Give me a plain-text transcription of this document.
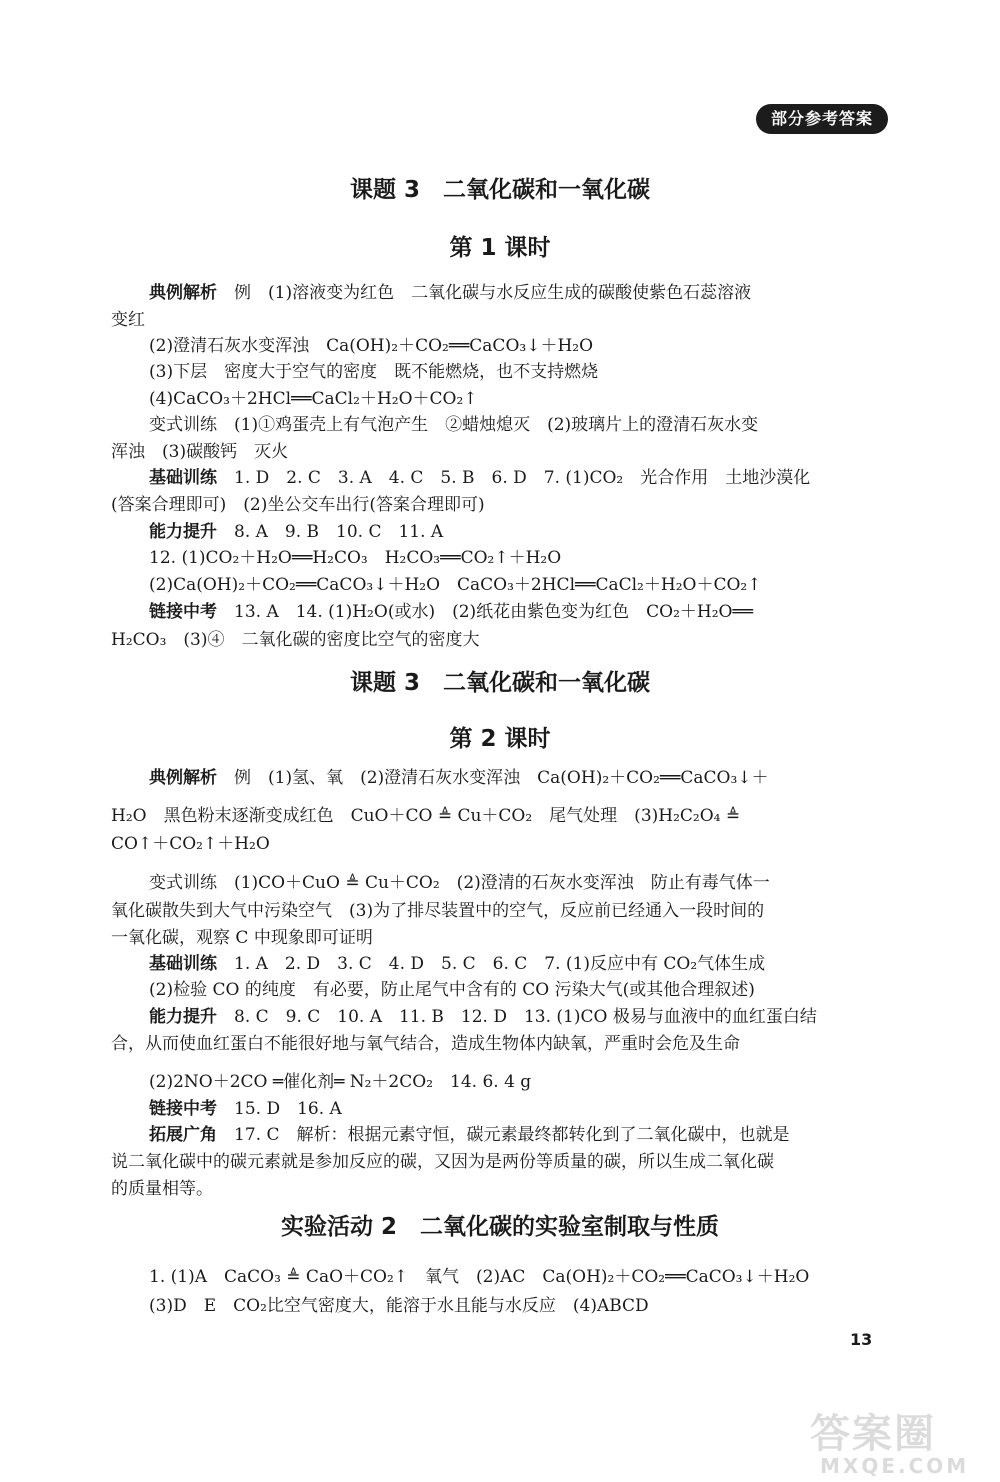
部分参考答案
课题 3　二氧化碳和一氧化碳
第 1 课时
典例解析　例　(1)溶液变为红色　二氧化碳与水反应生成的碳酸使紫色石蕊溶液
变红
(2)澄清石灰水变浑浊　Ca(OH)₂＋CO₂══CaCO₃↓＋H₂O
(3)下层　密度大于空气的密度　既不能燃烧，也不支持燃烧
(4)CaCO₃＋2HCl══CaCl₂＋H₂O＋CO₂↑
变式训练　(1)①鸡蛋壳上有气泡产生　②蜡烛熄灭　(2)玻璃片上的澄清石灰水变
浑浊　(3)碳酸钙　灭火
基础训练　1. D　2. C　3. A　4. C　5. B　6. D　7. (1)CO₂　光合作用　土地沙漠化
(答案合理即可)　(2)坐公交车出行(答案合理即可)
能力提升　8. A　9. B　10. C　11. A
12. (1)CO₂＋H₂O══H₂CO₃　H₂CO₃══CO₂↑＋H₂O
(2)Ca(OH)₂＋CO₂══CaCO₃↓＋H₂O　CaCO₃＋2HCl══CaCl₂＋H₂O＋CO₂↑
链接中考　13. A　14. (1)H₂O(或水)　(2)纸花由紫色变为红色　CO₂＋H₂O══
H₂CO₃　(3)④　二氧化碳的密度比空气的密度大
课题 3　二氧化碳和一氧化碳
第 2 课时
典例解析　例　(1)氢、氧　(2)澄清石灰水变浑浊　Ca(OH)₂＋CO₂══CaCO₃↓＋
H₂O　黑色粉末逐渐变成红色　CuO＋CO ≜ Cu＋CO₂　尾气处理　(3)H₂C₂O₄ ≜
CO↑＋CO₂↑＋H₂O
变式训练　(1)CO＋CuO ≜ Cu＋CO₂　(2)澄清的石灰水变浑浊　防止有毒气体一
氧化碳散失到大气中污染空气　(3)为了排尽装置中的空气，反应前已经通入一段时间的
一氧化碳，观察 C 中现象即可证明
基础训练　1. A　2. D　3. C　4. D　5. C　6. C　7. (1)反应中有 CO₂气体生成
(2)检验 CO 的纯度　有必要，防止尾气中含有的 CO 污染大气(或其他合理叙述)
能力提升　8. C　9. C　10. A　11. B　12. D　13. (1)CO 极易与血液中的血红蛋白结
合，从而使血红蛋白不能很好地与氧气结合，造成生物体内缺氧，严重时会危及生命
(2)2NO＋2CO ═催化剂═ N₂＋2CO₂　14. 6. 4 g
链接中考　15. D　16. A
拓展广角　17. C　解析：根据元素守恒，碳元素最终都转化到了二氧化碳中，也就是
说二氧化碳中的碳元素就是参加反应的碳，又因为是两份等质量的碳，所以生成二氧化碳
的质量相等。
实验活动 2　二氧化碳的实验室制取与性质
1. (1)A　CaCO₃ ≜ CaO＋CO₂↑　氧气　(2)AC　Ca(OH)₂＋CO₂══CaCO₃↓＋H₂O
(3)D　E　CO₂比空气密度大，能溶于水且能与水反应　(4)ABCD
13
答案圈
MXQE.COM
